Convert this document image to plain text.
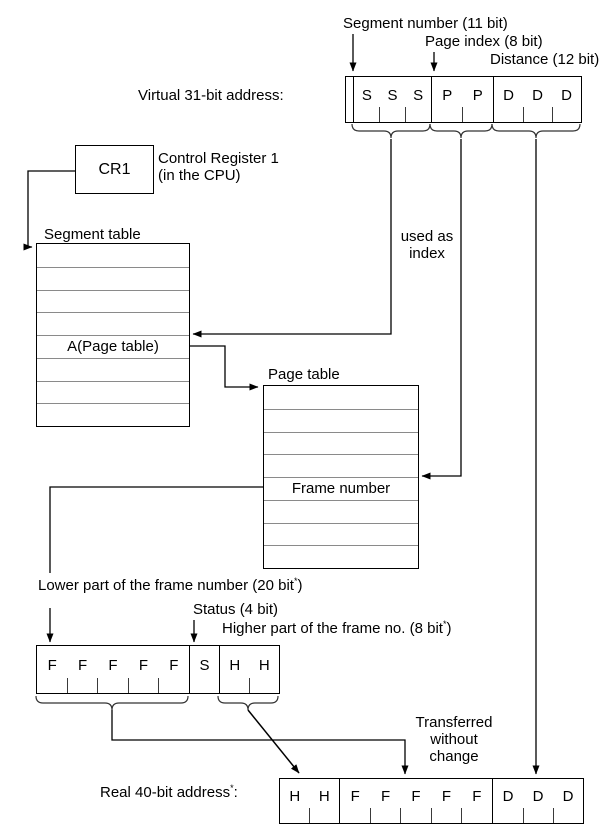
Segment number (11 bit)
Page index (8 bit)
Distance (12 bit)
Virtual 31-bit address:	S	S	S	P	P	D	D	D
CR1
Control Register 1
(in the CPU)
Segment table
A(Page table)
used as
index
Page table
Frame number
Lower part of the frame number (20 bit*)
Status (4 bit)
Higher part of the frame no. (8 bit*)
F	F	F	F	F	S	H	H
Transferred
without
change
Real 40-bit address*:	H	H	F	F	F	F	F	D	D	D
